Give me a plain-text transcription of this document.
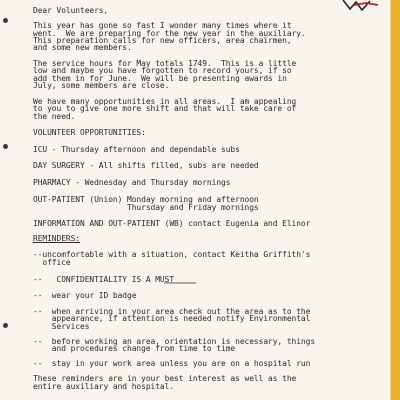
Dear Volunteers,
This year has gone so fast I wonder many times where it
went.  We are preparing for the new year in the auxiliary.
This preparation calls for new officers, area chairmen,
and some new members.
The service hours for May totals 1749.  This is a little
low and maybe you have forgotten to record yours, if so
add them in for June.  We will be presenting awards in
July, some members are close.
We have many opportunities in all areas.  I am appealing
to you to give one more shift and that will take care of
the need.
VOLUNTEER OPPORTUNITIES:
ICU - Thursday afternoon and dependable subs
DAY SURGERY - All shifts filled, subs are needed
PHARMACY - Wednesday and Thursday mornings
OUT-PATIENT (Union) Monday morning and afternoon
Thursday and Friday mornings
INFORMATION AND OUT-PATIENT (WB) contact Eugenia and Elinor
REMINDERS:
--uncomfortable with a situation, contact Keitha Griffith's
office
--   CONFIDENTIALITY IS A MUST
--  wear your ID badge
--  when arriving in your area check out the area as to the
appearance, if attention is needed notify Environmental
Services
--  before working an area, orientation is necessary, things
and procedures change from time to time
--  stay in your work area unless you are on a hospital run
These reminders are in your best interest as well as the
entire auxiliary and hospital.
